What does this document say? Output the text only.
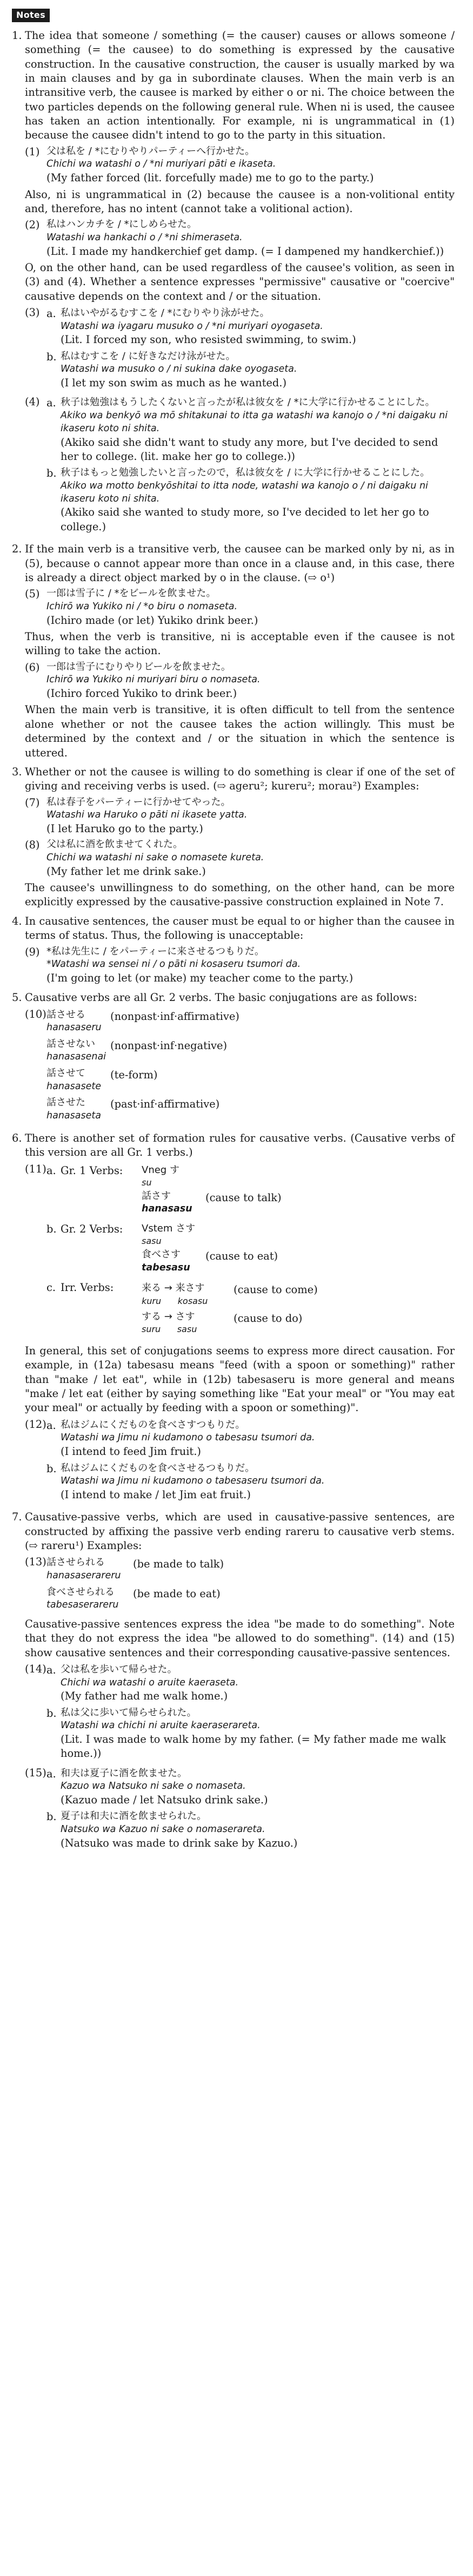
Notes
1. The idea that someone / something (= the causer) causes or allows someone / something (= the causee) to do something is expressed by the causative construction. In the causative construction, the causer is usually marked by wa in main clauses and by ga in subordinate clauses. When the main verb is an intransitive verb, the causee is marked by either o or ni. The choice between the two particles depends on the following general rule. When ni is used, the causee has taken an action intentionally. For example, ni is ungrammatical in (1) because the causee didn't intend to go to the party in this situation.

(1) 父は私を / *にむりやりパーティーへ行かせた。
Chichi wa watashi o / *ni muriyari pāti e ikaseta.
(My father forced (lit. forcefully made) me to go to the party.)

Also, ni is ungrammatical in (2) because the causee is a non-volitional entity and, therefore, has no intent (cannot take a volitional action).

(2) 私はハンカチを / *にしめらせた。
Watashi wa hankachi o / *ni shimeraseta.
(Lit. I made my handkerchief get damp. (= I dampened my handkerchief.))

O, on the other hand, can be used regardless of the causee's volition, as seen in (3) and (4). Whether a sentence expresses "permissive" causative or "coercive" causative depends on the context and / or the situation.

(3) a. 私はいやがるむすこを / *にむりやり泳がせた。
Watashi wa iyagaru musuko o / *ni muriyari oyogaseta.
(Lit. I forced my son, who resisted swimming, to swim.)
b. 私はむすこを / に好きなだけ泳がせた。
Watashi wa musuko o / ni sukina dake oyogaseta.
(I let my son swim as much as he wanted.)
(4) a. 秋子は勉強はもうしたくないと言ったが私は彼女を / *に大学に行かせることにした。
Akiko wa benkyō wa mō shitakunai to itta ga watashi wa kanojo o / *ni daigaku ni ikaseru koto ni shita.
(Akiko said she didn't want to study any more, but I've decided to send her to college. (lit. make her go to college.))
b. 秋子はもっと勉強したいと言ったので，私は彼女を / に大学に行かせることにした。
Akiko wa motto benkyōshitai to itta node, watashi wa kanojo o / ni daigaku ni ikaseru koto ni shita.
(Akiko said she wanted to study more, so I've decided to let her go to college.)
2. If the main verb is a transitive verb, the causee can be marked only by ni, as in (5), because o cannot appear more than once in a clause and, in this case, there is already a direct object marked by o in the clause. (⇨ o¹)

(5) 一郎は雪子に / *をビールを飲ませた。
Ichirō wa Yukiko ni / *o biru o nomaseta.
(Ichiro made (or let) Yukiko drink beer.)

Thus, when the verb is transitive, ni is acceptable even if the causee is not willing to take the action.

(6) 一郎は雪子にむりやりビールを飲ませた。
Ichirō wa Yukiko ni muriyari biru o nomaseta.
(Ichiro forced Yukiko to drink beer.)

When the main verb is transitive, it is often difficult to tell from the sentence alone whether or not the causee takes the action willingly. This must be determined by the context and / or the situation in which the sentence is uttered.

3. Whether or not the causee is willing to do something is clear if one of the set of giving and receiving verbs is used. (⇨ ageru²; kureru²; morau²) Examples:

(7) 私は春子をパーティーに行かせてやった。
Watashi wa Haruko o pāti ni ikasete yatta.
(I let Haruko go to the party.)
(8) 父は私に酒を飲ませてくれた。
Chichi wa watashi ni sake o nomasete kureta.
(My father let me drink sake.)

The causee's unwillingness to do something, on the other hand, can be more explicitly expressed by the causative-passive construction explained in Note 7.

4. In causative sentences, the causer must be equal to or higher than the causee in terms of status. Thus, the following is unacceptable:

(9) *私は先生に / をパーティーに来させるつもりだ。
*Watashi wa sensei ni / o pāti ni kosaseru tsumori da.
(I'm going to let (or make) my teacher come to the party.)
5. Causative verbs are all Gr. 2 verbs. The basic conjugations are as follows:

(10) 話させる
hanasaseru
(nonpast·inf·affirmative)
話させない
hanasasenai
(nonpast·inf·negative)
話させて
hanasasete
(te-form)
話させた
hanasaseta
(past·inf·affirmative)
6. There is another set of formation rules for causative verbs. (Causative verbs of this version are all Gr. 1 verbs.)

(11) a. Gr. 1 Verbs:	Vneg す
su
話さす
hanasasu
(cause to talk)
b. Gr. 2 Verbs:	Vstem さす
sasu
食べさす
tabesasu
(cause to eat)
c. Irr. Verbs:	来る → 来さす
kuru      kosasu
(cause to come)
する → さす
suru      sasu
(cause to do)

In general, this set of conjugations seems to express more direct causation. For example, in (12a) tabesasu means "feed (with a spoon or something)" rather than "make / let eat", while in (12b) tabesaseru is more general and means "make / let eat (either by saying something like "Eat your meal" or "You may eat your meal" or actually by feeding with a spoon or something)".

(12) a. 私はジムにくだものを食べさすつもりだ。
Watashi wa Jimu ni kudamono o tabesasu tsumori da.
(I intend to feed Jim fruit.)
b. 私はジムにくだものを食べさせるつもりだ。
Watashi wa Jimu ni kudamono o tabesaseru tsumori da.
(I intend to make / let Jim eat fruit.)
7. Causative-passive verbs, which are used in causative-passive sentences, are constructed by affixing the passive verb ending rareru to causative verb stems. (⇨ rareru¹) Examples:

(13) 話させられる
hanasaserareru
(be made to talk)
食べさせられる
tabesaserareru
(be made to eat)

Causative-passive sentences express the idea "be made to do something". Note that they do not express the idea "be allowed to do something". (14) and (15) show causative sentences and their corresponding causative-passive sentences.

(14) a. 父は私を歩いて帰らせた。
Chichi wa watashi o aruite kaeraseta.
(My father had me walk home.)
b. 私は父に歩いて帰らせられた。
Watashi wa chichi ni aruite kaeraserareta.
(Lit. I was made to walk home by my father. (= My father made me walk home.))
(15) a. 和夫は夏子に酒を飲ませた。
Kazuo wa Natsuko ni sake o nomaseta.
(Kazuo made / let Natsuko drink sake.)
b. 夏子は和夫に酒を飲ませられた。
Natsuko wa Kazuo ni sake o nomaserareta.
(Natsuko was made to drink sake by Kazuo.)
